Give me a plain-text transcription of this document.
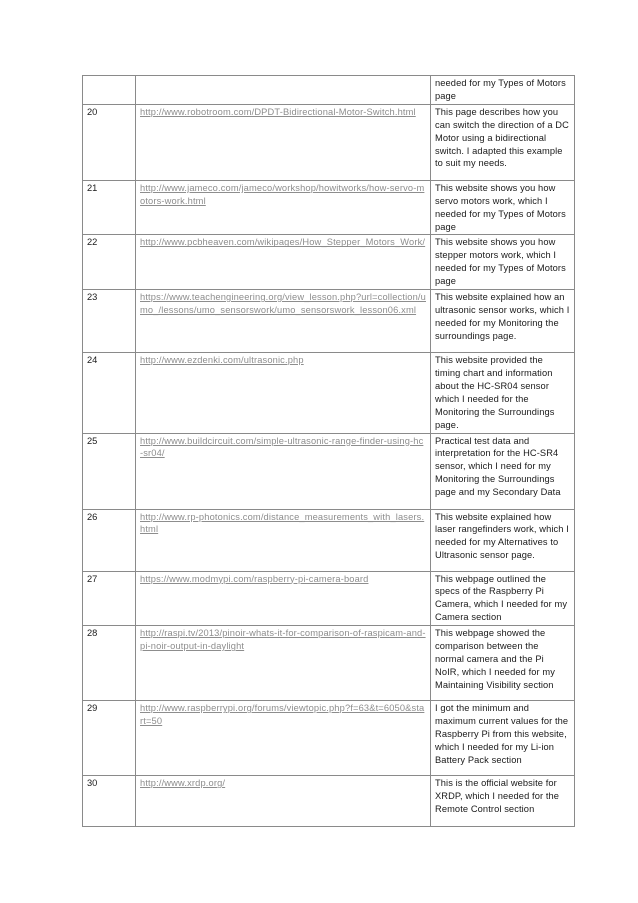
		needed for my Types of Motors page
20	http://www.robotroom.com/DPDT-Bidirectional-Motor-Switch.html	This page describes how you can switch the direction of a DC Motor using a bidirectional switch. I adapted this example to suit my needs.
21	http://www.jameco.com/jameco/workshop/howitworks/how-servo-motors-work.html	This website shows you how servo motors work, which I needed for my Types of Motors page
22	http://www.pcbheaven.com/wikipages/How_Stepper_Motors_Work/	This website shows you how stepper motors work, which I needed for my Types of Motors page
23	https://www.teachengineering.org/view_lesson.php?url=collection/umo_/lessons/umo_sensorswork/umo_sensorswork_lesson06.xml	This website explained how an ultrasonic sensor works, which I needed for my Monitoring the surroundings page.
24	http://www.ezdenki.com/ultrasonic.php	This website provided the timing chart and information about the HC-SR04 sensor which I needed for the Monitoring the Surroundings page.
25	http://www.buildcircuit.com/simple-ultrasonic-range-finder-using-hc-sr04/	Practical test data and interpretation for the HC-SR4 sensor, which I need for my Monitoring the Surroundings page and my Secondary Data
26	http://www.rp-photonics.com/distance_measurements_with_lasers.html	This website explained how laser rangefinders work, which I needed for my Alternatives to Ultrasonic sensor page.
27	https://www.modmypi.com/raspberry-pi-camera-board	This webpage outlined the specs of the Raspberry Pi Camera, which I needed for my Camera section
28	http://raspi.tv/2013/pinoir-whats-it-for-comparison-of-raspicam-and-pi-noir-output-in-daylight	This webpage showed the comparison between the normal camera and the Pi NoIR, which I needed for my Maintaining Visibility section
29	http://www.raspberrypi.org/forums/viewtopic.php?f=63&t=6050&start=50	I got the minimum and maximum current values for the Raspberry Pi from this website, which I needed for my Li-ion Battery Pack section
30	http://www.xrdp.org/	This is the official website for XRDP, which I needed for the Remote Control section
